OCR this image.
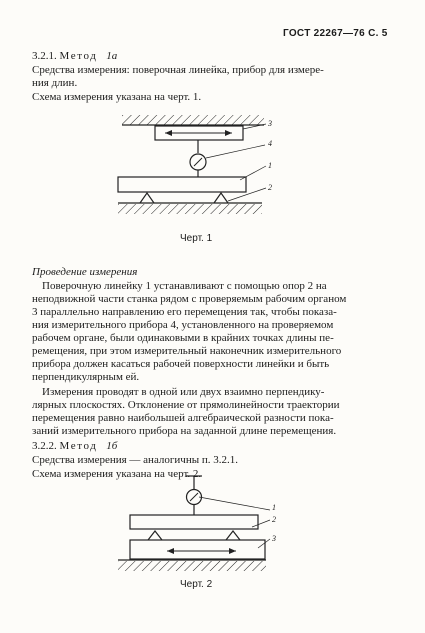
ГОСТ 22267—76 С. 5
3.2.1. Метод 1а
Средства измерения: поверочная линейка, прибор для измере-
ния длин.
Схема измерения указана на черт. 1.
3
4
1
2
1
2
3
Черт. 1
Проведение измерения
Поверочную линейку 1 устанавливают с помощью опор 2 на
неподвижной части станка рядом с проверяемым рабочим органом
3 параллельно направлению его перемещения так, чтобы показа-
ния измерительного прибора 4, установленного на проверяемом
рабочем органе, были одинаковыми в крайних точках длины пе-
ремещения, при этом измерительный наконечник измерительного
прибора должен касаться рабочей поверхности линейки и быть
перпендикулярным ей.
Измерения проводят в одной или двух взаимно перпендику-
лярных плоскостях. Отклонение от прямолинейности траектории
перемещения равно наибольшей алгебраической разности пока-
заний измерительного прибора на заданной длине перемещения.
3.2.2. Метод 1б
Средства измерения — аналогичны п. 3.2.1.
Схема измерения указана на черт. 2.
Черт. 2
